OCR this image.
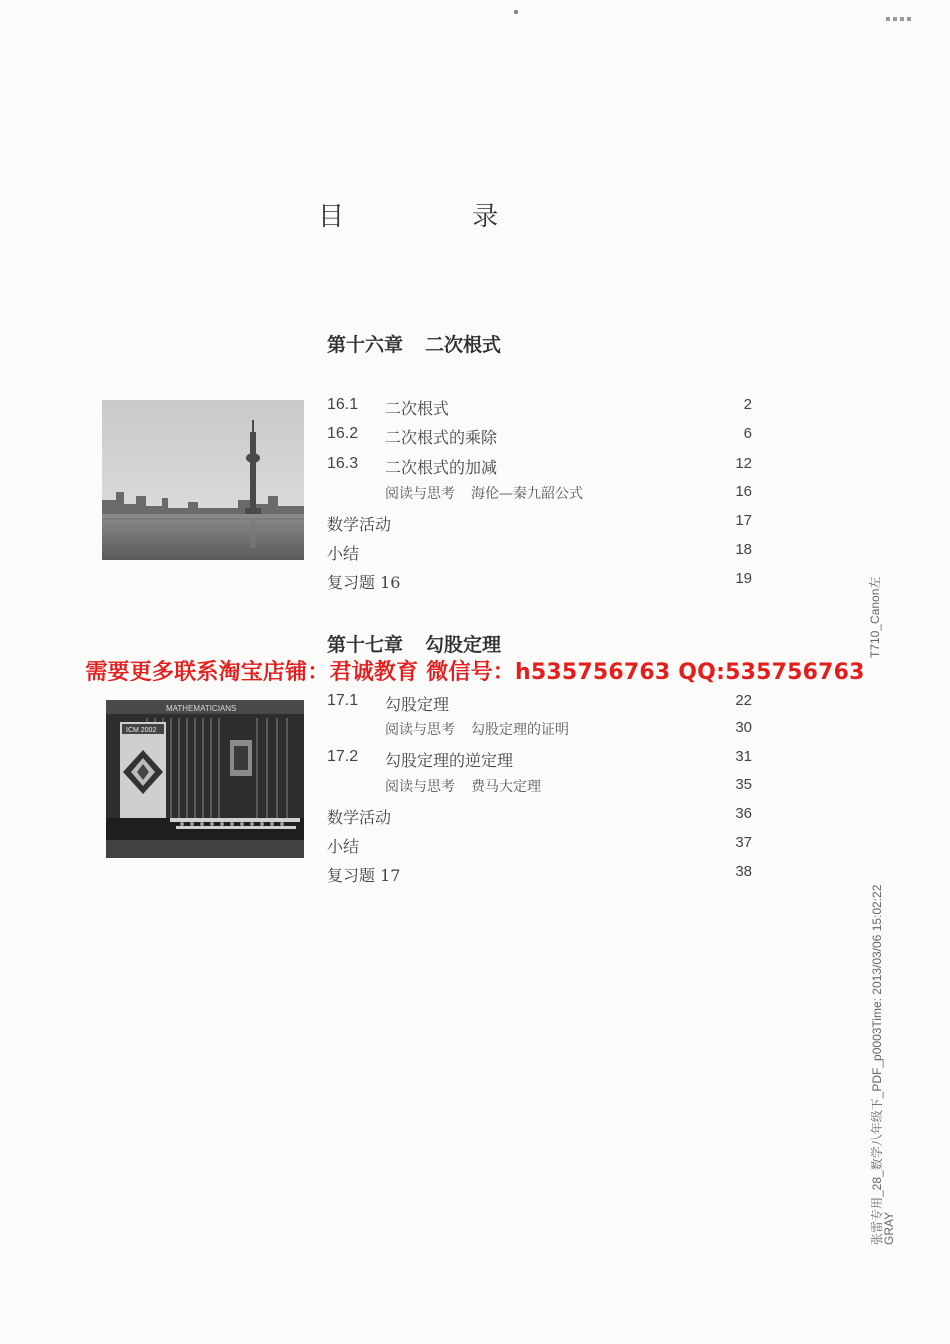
目 录
第十六章 二次根式
第十七章 勾股定理
MATHEMATICIANS
ICM 2002
需要更多联系淘宝店铺：君诚教育 微信号：h535756763 QQ:535756763
T710_Canon左
张雷专用_28_数学八年级下_PDF_p0003Time: 2013/03/06 15:02:22
GRAY
16.1	二次根式	2
16.2	二次根式的乘除	6
16.3	二次根式的加减	12
阅读与思考 海伦—秦九韶公式	16
数学活动	17
小结	18
复习题 16	19
17.1	勾股定理	22
阅读与思考 勾股定理的证明	30
17.2	勾股定理的逆定理	31
阅读与思考 费马大定理	35
数学活动	36
小结	37
复习题 17	38
